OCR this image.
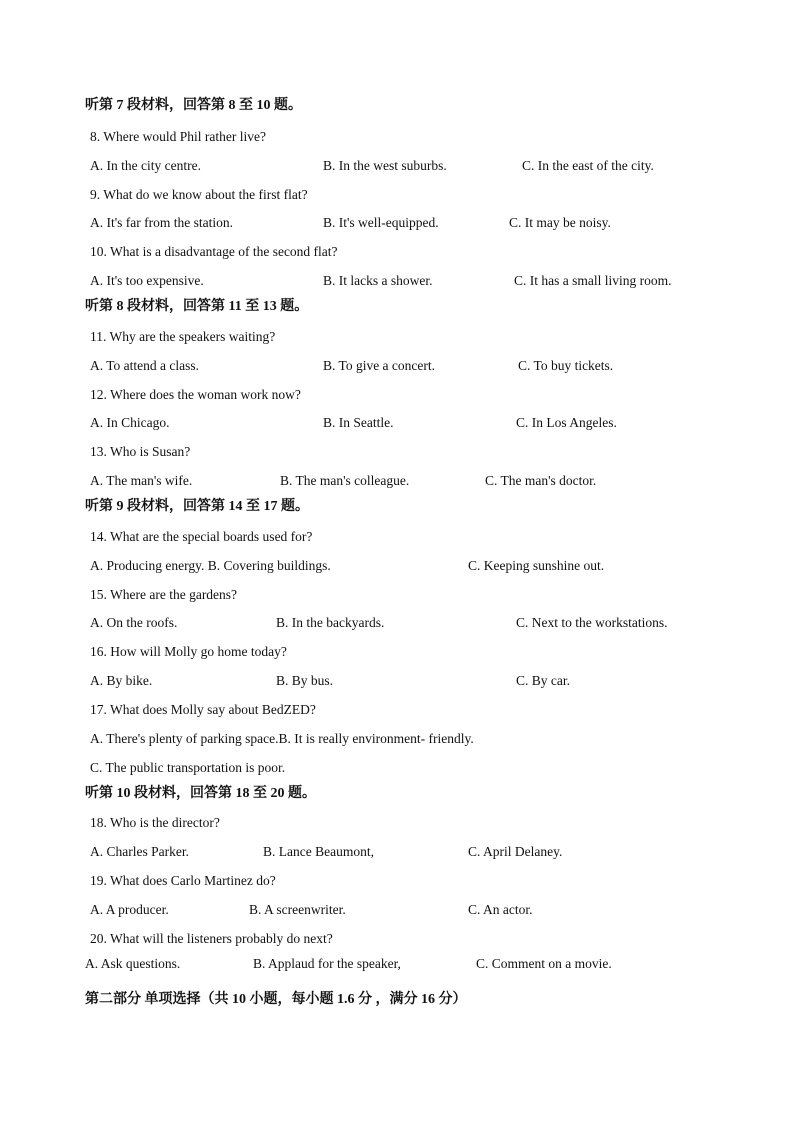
听第 7 段材料，回答第 8 至 10 题。
8. Where would Phil rather live?
A. In the city centre.	B. In the west suburbs.	C. In the east of the city.
9. What do we know about the first flat?
A. It's far from the station.	B. It's well-equipped.	C. It may be noisy.
10. What is a disadvantage of the second flat?
A. It's too expensive.	B. It lacks a shower.	C. It has a small living room.
听第 8 段材料，回答第 11 至 13 题。
11. Why are the speakers waiting?
A. To attend a class.	B. To give a concert.	C. To buy tickets.
12. Where does the woman work now?
A. In Chicago.	B. In Seattle.	C. In Los Angeles.
13. Who is Susan?
A. The man's wife.	B. The man's colleague.	C. The man's doctor.
听第 9 段材料，回答第 14 至 17 题。
14. What are the special boards used for?
A. Producing energy. B. Covering buildings.	C. Keeping sunshine out.
15. Where are the gardens?
A. On the roofs.	B. In the backyards.	C. Next to the workstations.
16. How will Molly go home today?
A. By bike.	B. By bus.	C. By car.
17. What does Molly say about BedZED?
A. There's plenty of parking space.B. It is really environment- friendly.
C. The public transportation is poor.
听第 10 段材料，回答第 18 至 20 题。
18. Who is the director?
A. Charles Parker.	B. Lance Beaumont,	C. April Delaney.
19. What does Carlo Martinez do?
A. A producer.	B. A screenwriter.	C. An actor.
20. What will the listeners probably do next?
A. Ask questions.	B. Applaud for the speaker,	C. Comment on a movie.
第二部分 单项选择（共 10 小题，每小题 1.6 分 ，满分 16 分）
